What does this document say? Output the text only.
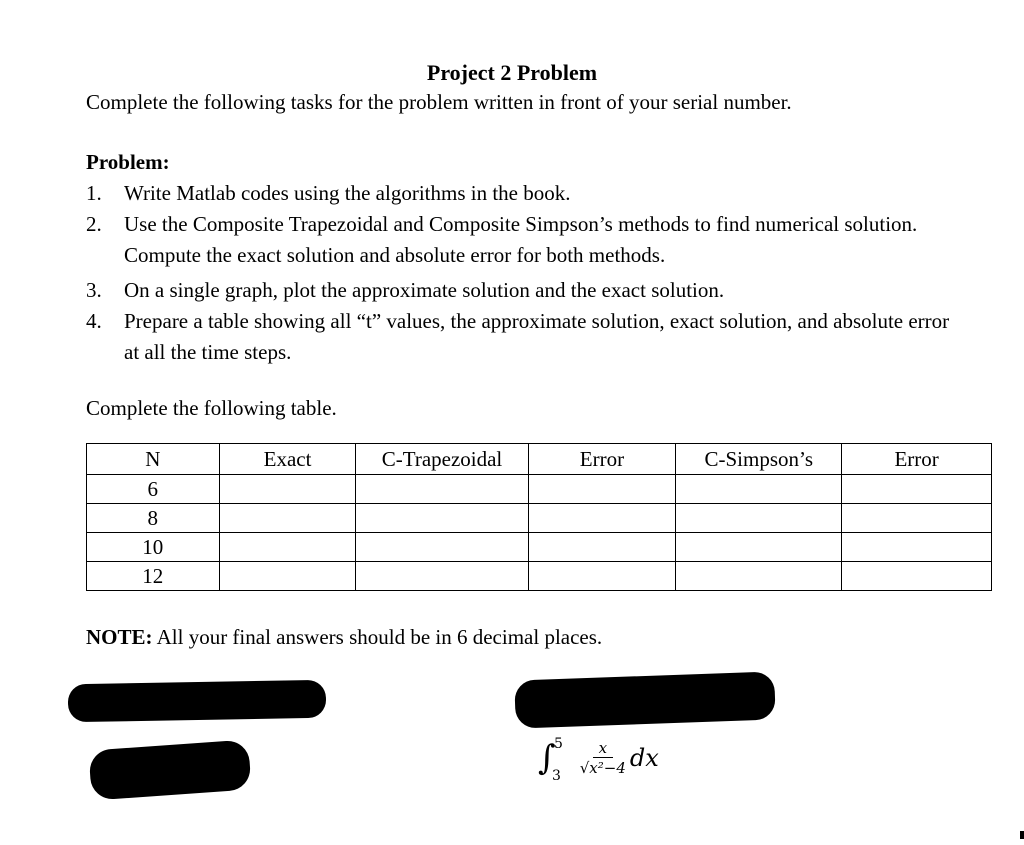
Project 2 Problem
Complete the following tasks for the problem written in front of your serial number.
Problem:
1.	Write Matlab codes using the algorithms in the book.
2.	Use the Composite Trapezoidal and Composite Simpson’s methods to find numerical solution. Compute the exact solution and absolute error for both methods.
3.	On a single graph, plot the approximate solution and the exact solution.
4.	Prepare a table showing all “t” values, the approximate solution, exact solution, and absolute error at all the time steps.
Complete the following table.
N	Exact	C-Trapezoidal	Error	C-Simpson’s	Error
6					
8					
10					
12					
NOTE: All your final answers should be in 6 decimal places.
∫
5
$3 \frac{x}{\text{√x²−4}}$ dx
